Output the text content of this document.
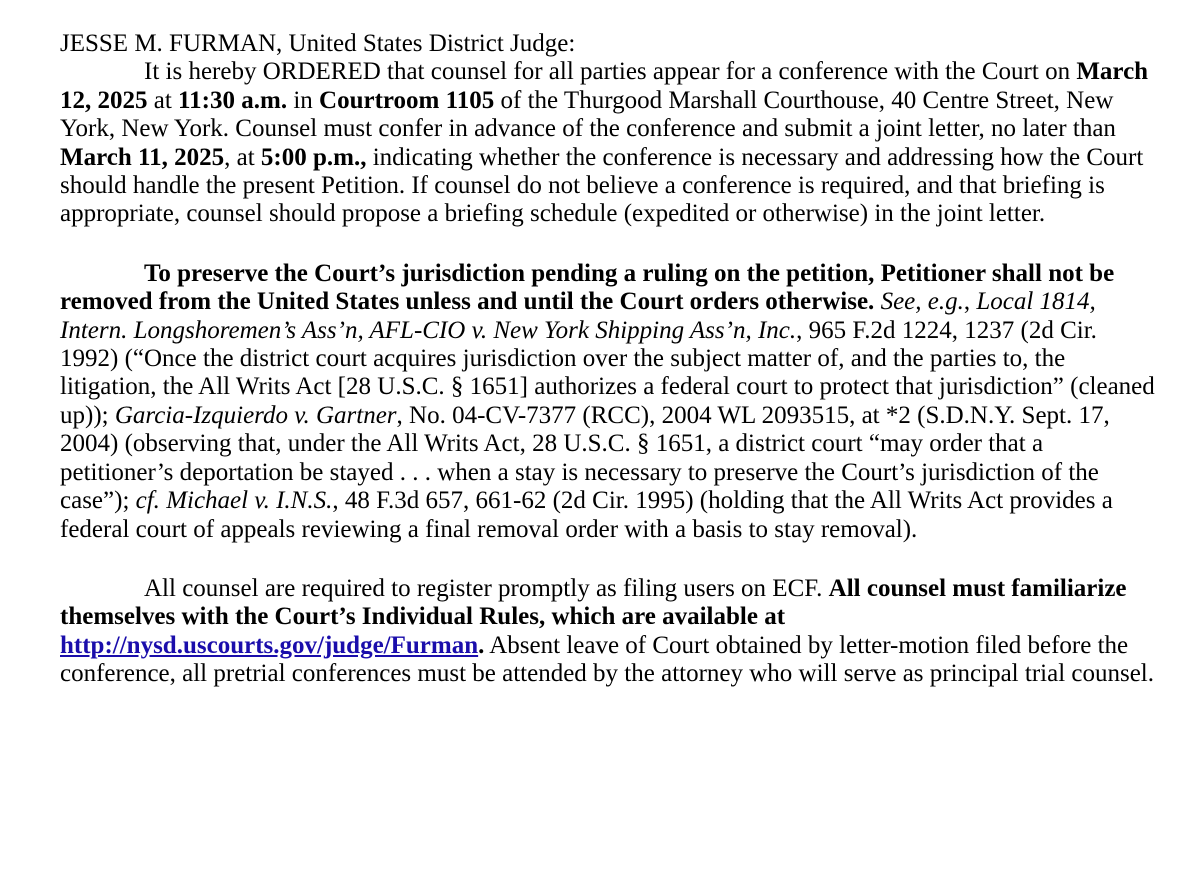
JESSE M. FURMAN, United States District Judge:

It is hereby ORDERED that counsel for all parties appear for a conference with the Court on March 12, 2025 at 11:30 a.m. in Courtroom 1105 of the Thurgood Marshall Courthouse, 40 Centre Street, New York, New York. Counsel must confer in advance of the conference and submit a joint letter, no later than March 11, 2025, at 5:00 p.m., indicating whether the conference is necessary and addressing how the Court should handle the present Petition. If counsel do not believe a conference is required, and that briefing is appropriate, counsel should propose a briefing schedule (expedited or otherwise) in the joint letter.

To preserve the Court’s jurisdiction pending a ruling on the petition, Petitioner shall not be removed from the United States unless and until the Court orders otherwise. See, e.g., Local 1814, Intern. Longshoremen’s Ass’n, AFL-CIO v. New York Shipping Ass’n, Inc., 965 F.2d 1224, 1237 (2d Cir. 1992) (“Once the district court acquires jurisdiction over the subject matter of, and the parties to, the litigation, the All Writs Act [28 U.S.C. § 1651] authorizes a federal court to protect that jurisdiction” (cleaned up)); Garcia-Izquierdo v. Gartner, No. 04-CV-7377 (RCC), 2004 WL 2093515, at *2 (S.D.N.Y. Sept. 17, 2004) (observing that, under the All Writs Act, 28 U.S.C. § 1651, a district court “may order that a petitioner’s deportation be stayed . . . when a stay is necessary to preserve the Court’s jurisdiction of the case”); cf. Michael v. I.N.S., 48 F.3d 657, 661-62 (2d Cir. 1995) (holding that the All Writs Act provides a federal court of appeals reviewing a final removal order with a basis to stay removal).

All counsel are required to register promptly as filing users on ECF. All counsel must familiarize themselves with the Court’s Individual Rules, which are available at http://nysd.uscourts.gov/judge/Furman. Absent leave of Court obtained by letter-motion filed before the conference, all pretrial conferences must be attended by the attorney who will serve as principal trial counsel.
